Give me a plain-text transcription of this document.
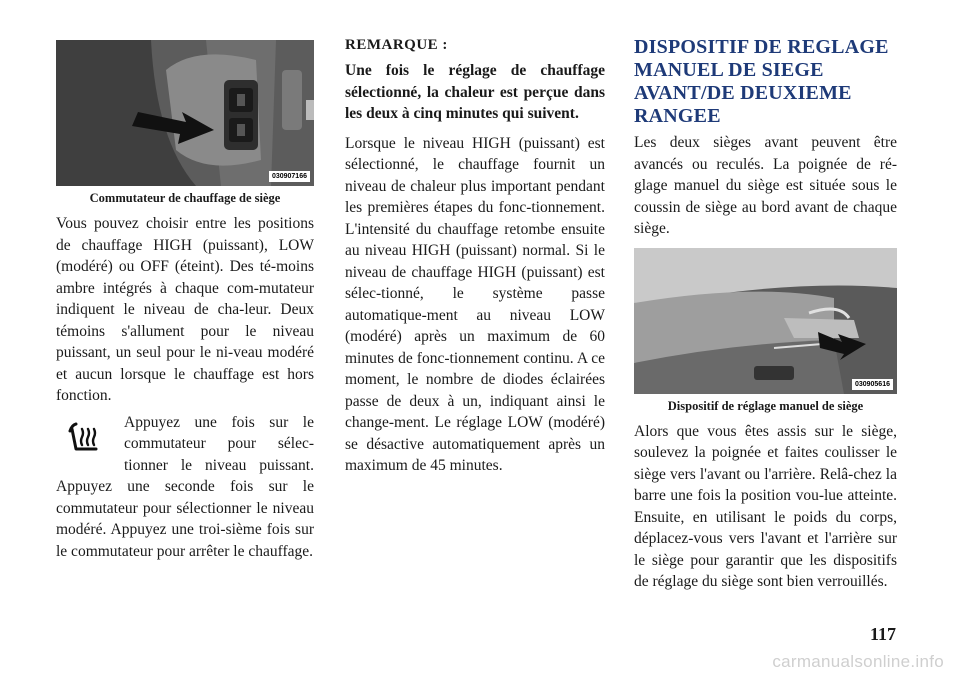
030907166
Commutateur de chauffage de siège

Vous pouvez choisir entre les positions de chauffage HIGH (puissant), LOW (modéré) ou OFF (éteint). Des té-moins ambre intégrés à chaque com-mutateur indiquent le niveau de cha-leur. Deux témoins s'allument pour le niveau puissant, un seul pour le ni-veau modéré et aucun lorsque le chauffage est hors fonction.

Appuyez une fois sur le commutateur pour sélec-tionner le niveau puissant. Appuyez une seconde fois sur le commutateur pour sélectionner le niveau modéré. Appuyez une troi-sième fois sur le commutateur pour arrêter le chauffage.

REMARQUE :

Une fois le réglage de chauffage sélectionné, la chaleur est perçue dans les deux à cinq minutes qui suivent.

Lorsque le niveau HIGH (puissant) est sélectionné, le chauffage fournit un niveau de chaleur plus important pendant les premières étapes du fonc-tionnement. L'intensité du chauffage retombe ensuite au niveau HIGH (puissant) normal. Si le niveau de chauffage HIGH (puissant) est sélec-tionné, le système passe automatique-ment au niveau LOW (modéré) après un maximum de 60 minutes de fonc-tionnement continu. A ce moment, le nombre de diodes éclairées passe de deux à un, indiquant ainsi le change-ment. Le réglage LOW (modéré) se désactive automatiquement après un maximum de 45 minutes.

DISPOSITIF DE REGLAGE MANUEL DE SIEGE AVANT/DE DEUXIEME RANGEE

Les deux sièges avant peuvent être avancés ou reculés. La poignée de ré-glage manuel du siège est située sous le coussin de siège au bord avant de chaque siège.

030905616
Dispositif de réglage manuel de siège

Alors que vous êtes assis sur le siège, soulevez la poignée et faites coulisser le siège vers l'avant ou l'arrière. Relâ-chez la barre une fois la position vou-lue atteinte. Ensuite, en utilisant le poids du corps, déplacez-vous vers l'avant et l'arrière sur le siège pour garantir que les dispositifs de réglage du siège sont bien verrouillés.

117
carmanualsonline.info
